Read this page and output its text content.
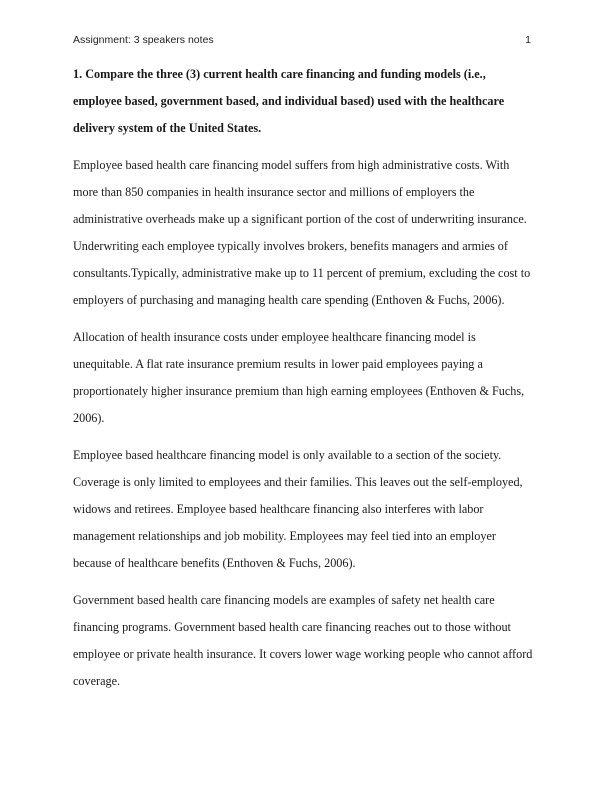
Assignment: 3 speakers notes	1

1. Compare the three (3) current health care financing and funding models (i.e., employee based, government based, and individual based) used with the healthcare delivery system of the United States.

Employee based health care financing model suffers from high administrative costs. With more than 850 companies in health insurance sector and millions of employers the administrative overheads make up a significant portion of the cost of underwriting insurance. Underwriting each employee typically involves brokers, benefits managers and armies of consultants.Typically, administrative make up to 11 percent of premium, excluding the cost to employers of purchasing and managing health care spending (Enthoven & Fuchs, 2006).

Allocation of health insurance costs under employee healthcare financing model is unequitable. A flat rate insurance premium results in lower paid employees paying a proportionately higher insurance premium than high earning employees (Enthoven & Fuchs, 2006).

Employee based healthcare financing model is only available to a section of the society. Coverage is only limited to employees and their families. This leaves out the self-employed, widows and retirees. Employee based healthcare financing also interferes with labor management relationships and job mobility. Employees may feel tied into an employer because of healthcare benefits (Enthoven & Fuchs, 2006).

Government based health care financing models are examples of safety net health care financing programs. Government based health care financing reaches out to those without employee or private health insurance. It covers lower wage working people who cannot afford coverage.
